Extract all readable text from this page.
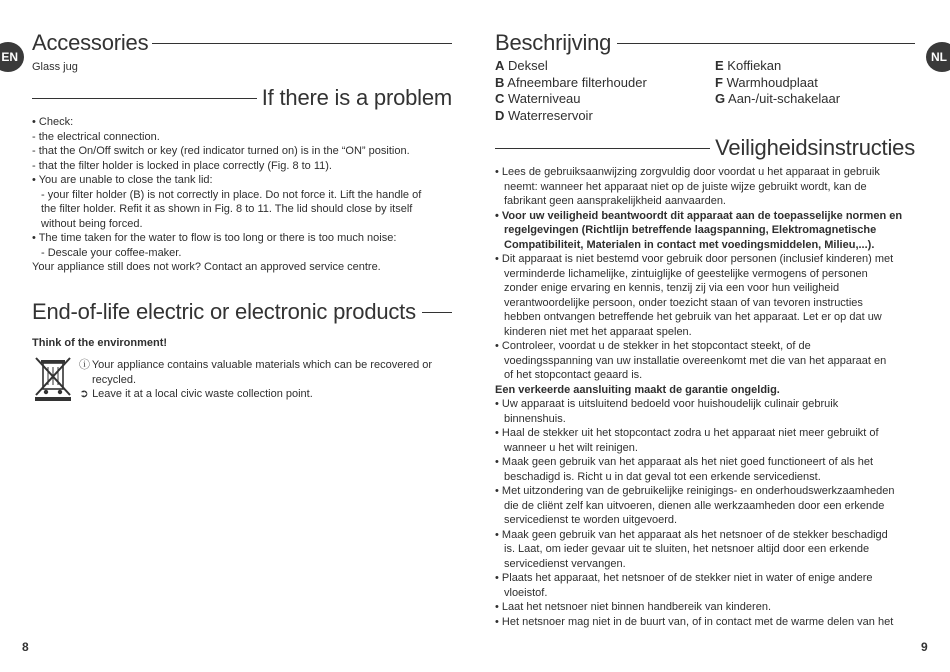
EN
Accessories
Glass jug
If there is a problem

• Check:

- the electrical connection.

- that the On/Off switch or key (red indicator turned on) is in the “ON” position.

- that the filter holder is locked in place correctly (Fig. 8 to 11).

• You are unable to close the tank lid:

- your filter holder (B) is not correctly in place. Do not force it. Lift the handle of

the filter holder. Refit it as shown in Fig. 8 to 11. The lid should close by itself

without being forced.

• The time taken for the water to flow is too long or there is too much noise:

- Descale your coffee-maker.

Your appliance still does not work? Contact an approved service centre.

End-of-life electric or electronic products
Think of the environment!

ⓘ Your appliance contains valuable materials which can be recovered or

recycled.

➲ Leave it at a local civic waste collection point.

8
NL
Beschrijving

A Deksel

B Afneembare filterhouder

C Waterniveau

D Waterreservoir

E Koffiekan

F Warmhoudplaat

G Aan-/uit-schakelaar

Veiligheidsinstructies

• Lees de gebruiksaanwijzing zorgvuldig door voordat u het apparaat in gebruik

neemt: wanneer het apparaat niet op de juiste wijze gebruikt wordt, kan de

fabrikant geen aansprakelijkheid aanvaarden.

• Voor uw veiligheid beantwoordt dit apparaat aan de toepasselijke normen en

regelgevingen (Richtlijn betreffende laagspanning, Elektromagnetische

Compatibiliteit, Materialen in contact met voedingsmiddelen, Milieu,...).

• Dit apparaat is niet bestemd voor gebruik door personen (inclusief kinderen) met

verminderde lichamelijke, zintuiglijke of geestelijke vermogens of personen

zonder enige ervaring en kennis, tenzij zij via een voor hun veiligheid

verantwoordelijke persoon, onder toezicht staan of van tevoren instructies

hebben ontvangen betreffende het gebruik van het apparaat. Let er op dat uw

kinderen niet met het apparaat spelen.

• Controleer, voordat u de stekker in het stopcontact steekt, of de

voedingsspanning van uw installatie overeenkomt met die van het apparaat en

of het stopcontact geaard is.

Een verkeerde aansluiting maakt de garantie ongeldig.

• Uw apparaat is uitsluitend bedoeld voor huishoudelijk culinair gebruik

binnenshuis.

• Haal de stekker uit het stopcontact zodra u het apparaat niet meer gebruikt of

wanneer u het wilt reinigen.

• Maak geen gebruik van het apparaat als het niet goed functioneert of als het

beschadigd is. Richt u in dat geval tot een erkende servicedienst.

• Met uitzondering van de gebruikelijke reinigings- en onderhoudswerkzaamheden

die de cliënt zelf kan uitvoeren, dienen alle werkzaamheden door een erkende

servicedienst te worden uitgevoerd.

• Maak geen gebruik van het apparaat als het netsnoer of de stekker beschadigd

is. Laat, om ieder gevaar uit te sluiten, het netsnoer altijd door een erkende

servicedienst vervangen.

• Plaats het apparaat, het netsnoer of de stekker niet in water of enige andere

vloeistof.

• Laat het netsnoer niet binnen handbereik van kinderen.

• Het netsnoer mag niet in de buurt van, of in contact met de warme delen van het

9
